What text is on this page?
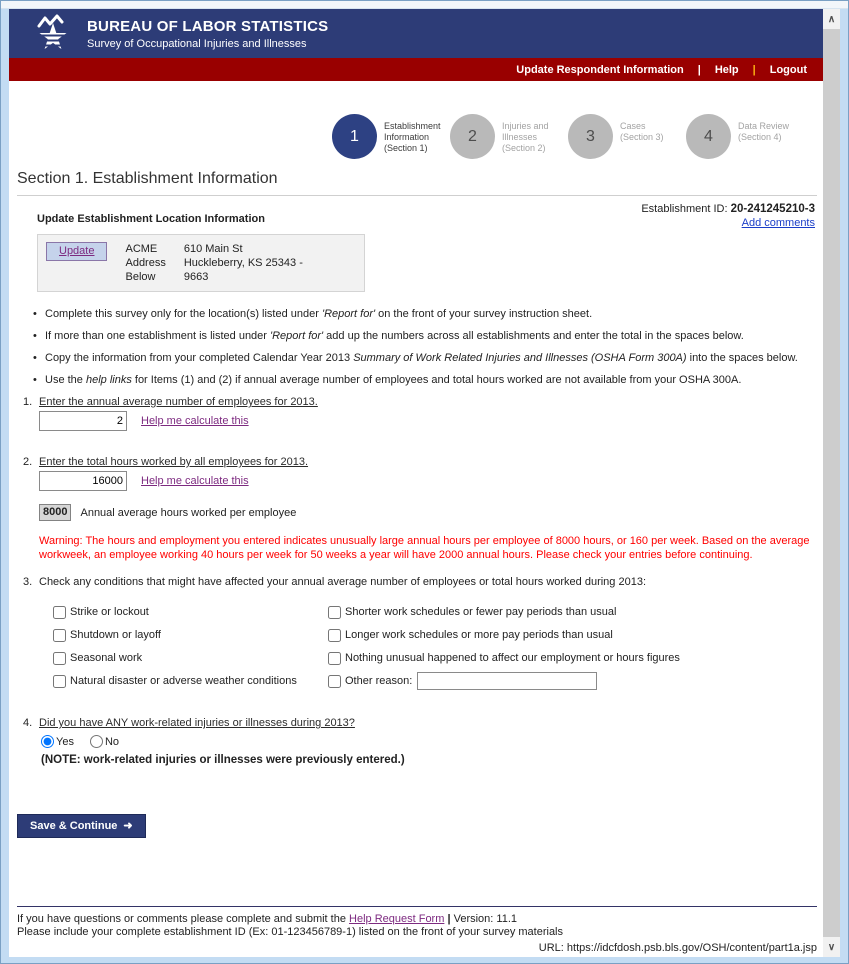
BUREAU OF LABOR STATISTICS
Survey of Occupational Injuries and Illnesses
Update Respondent Information | Help | Logout
1
Establishment
Information
(Section 1)
2
Injuries and
Illnesses
(Section 2)
3
Cases
(Section 3)	4
Data Review
(Section 4)
Section 1. Establishment Information
Update Establishment Location Information
Establishment ID: 20-241245210-3
Add comments
Update	ACME
Address
Below
610 Main St
Huckleberry, KS 25343 -
9663
• Complete this survey only for the location(s) listed under 'Report for' on the front of your survey instruction sheet.
• If more than one establishment is listed under 'Report for' add up the numbers across all establishments and enter the total in the spaces below.
• Copy the information from your completed Calendar Year 2013 Summary of Work Related Injuries and Illnesses (OSHA Form 300A) into the spaces below.
• Use the help links for Items (1) and (2) if annual average number of employees and total hours worked are not available from your OSHA 300A.
1. Enter the annual average number of employees for 2013.
2
Help me calculate this
2. Enter the total hours worked by all employees for 2013.
16000
Help me calculate this
8000	Annual average hours worked per employee
Warning: The hours and employment you entered indicates unusually large annual hours per employee of 8000 hours, or 160 per week. Based on the average workweek, an employee working 40 hours per week for 50 weeks a year will have 2000 annual hours. Please check your entries before continuing.
3. Check any conditions that might have affected your annual average number of employees or total hours worked during 2013:
Strike or lockout
Shutdown or layoff
Seasonal work
Natural disaster or adverse weather conditions
Shorter work schedules or fewer pay periods than usual
Longer work schedules or more pay periods than usual
Nothing unusual happened to affect our employment or hours figures
Other reason:
4. Did you have ANY work-related injuries or illnesses during 2013?
Yes	No
(NOTE: work-related injuries or illnesses were previously entered.)
Save & Continue ➜
If you have questions or comments please complete and submit the Help Request Form | Version: 11.1
Please include your complete establishment ID (Ex: 01-123456789-1) listed on the front of your survey materials
URL: https://idcfdosh.psb.bls.gov/OSH/content/part1a.jsp
∧
∨
